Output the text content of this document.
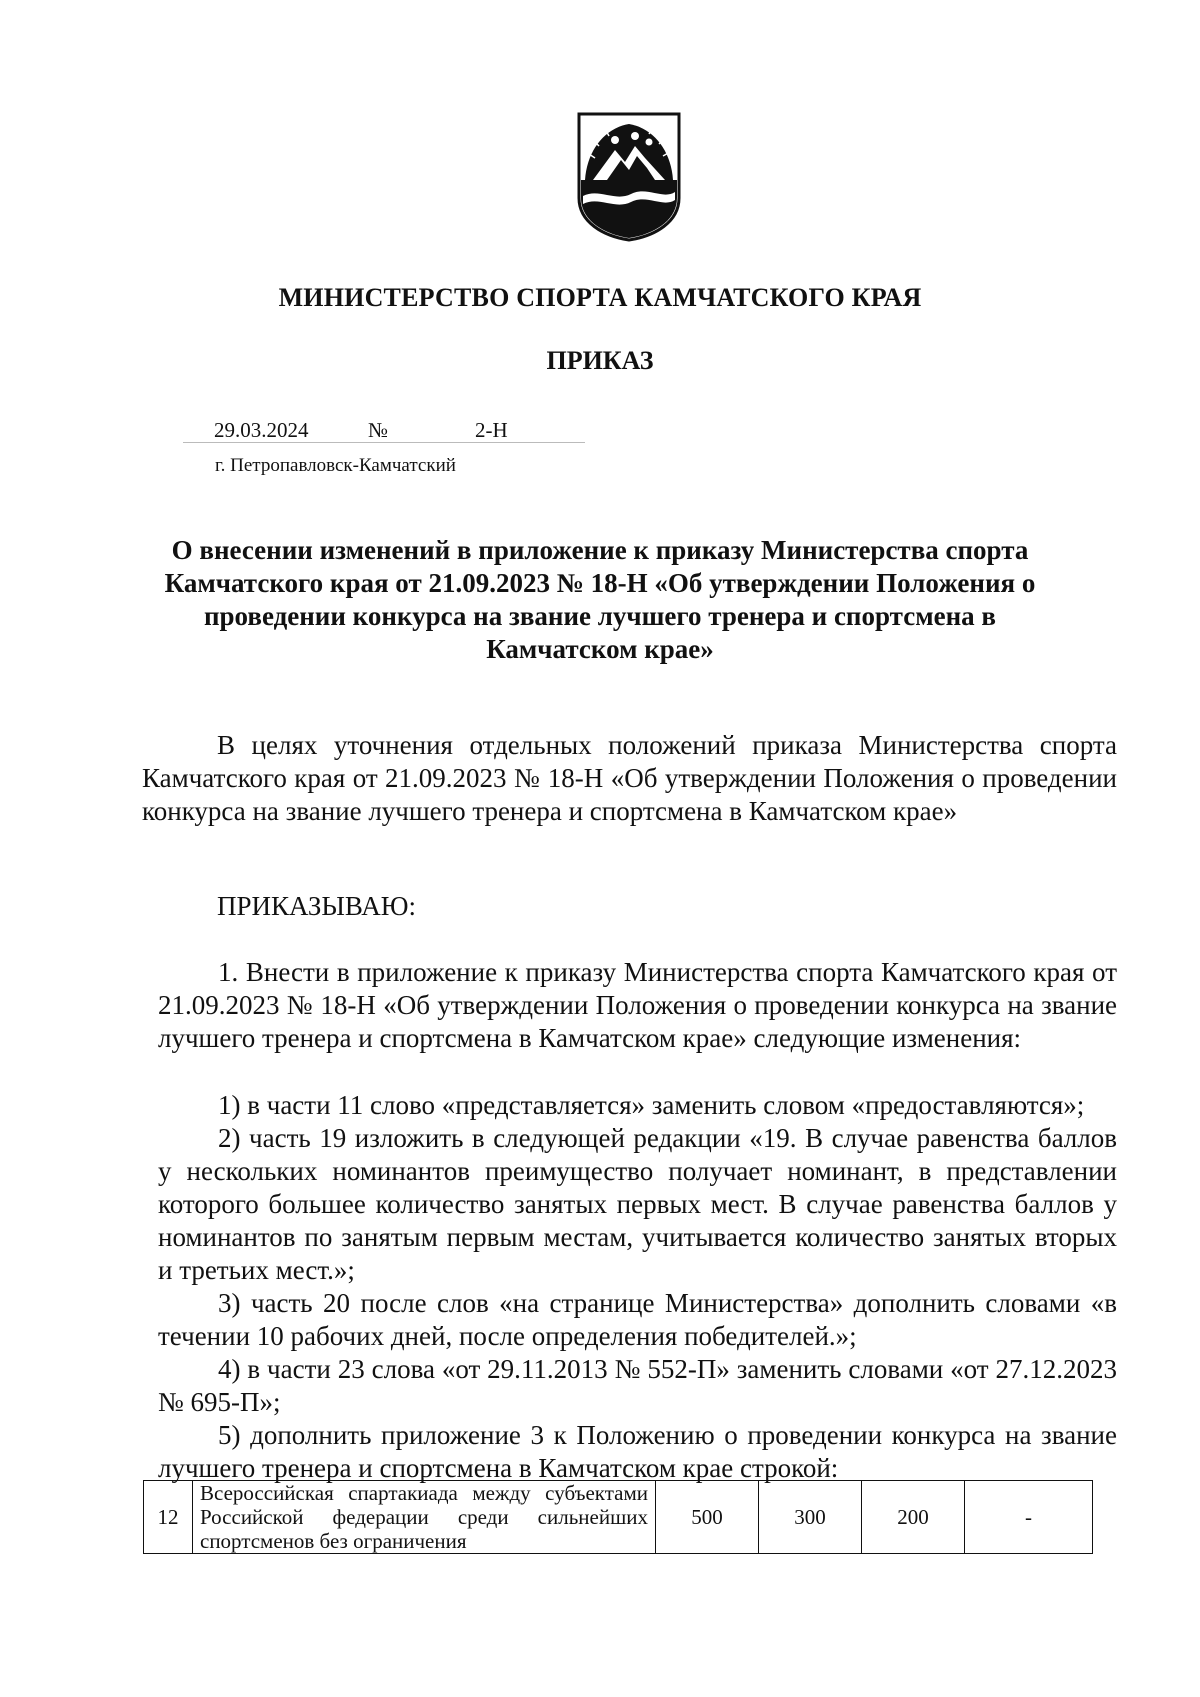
МИНИСТЕРСТВО СПОРТА КАМЧАТСКОГО КРАЯ
ПРИКАЗ
29.03.2024	№	2-Н
г. Петропавловск-Камчатский
О внесении изменений в приложение к приказу Министерства спорта Камчатского края от 21.09.2023 № 18-Н «Об утверждении Положения о проведении конкурса на звание лучшего тренера и спортсмена в Камчатском крае»
В целях уточнения отдельных положений приказа Министерства спорта Камчатского края от 21.09.2023 № 18-Н «Об утверждении Положения о проведении конкурса на звание лучшего тренера и спортсмена в Камчатском крае»
ПРИКАЗЫВАЮ:
1. Внести в приложение к приказу Министерства спорта Камчатского края от 21.09.2023 № 18-Н «Об утверждении Положения о проведении конкурса на звание лучшего тренера и спортсмена в Камчатском крае» следующие изменения:
1) в части 11 слово «представляется» заменить словом «предоставляются»;
2) часть 19 изложить в следующей редакции «19. В случае равенства баллов у нескольких номинантов преимущество получает номинант, в представлении которого большее количество занятых первых мест. В случае равенства баллов у номинантов по занятым первым местам, учитывается количество занятых вторых и третьих мест.»;
3) часть 20 после слов «на странице Министерства» дополнить словами «в течении 10 рабочих дней, после определения победителей.»;
4) в части 23 слова «от 29.11.2013 № 552-П» заменить словами «от 27.12.2023 № 695-П»;
5) дополнить приложение 3 к Положению о проведении конкурса на звание лучшего тренера и спортсмена в Камчатском крае строкой:
12	Всероссийская спартакиада между субъектами Российской федерации среди сильнейших спортсменов без ограничения	500	300	200	-
